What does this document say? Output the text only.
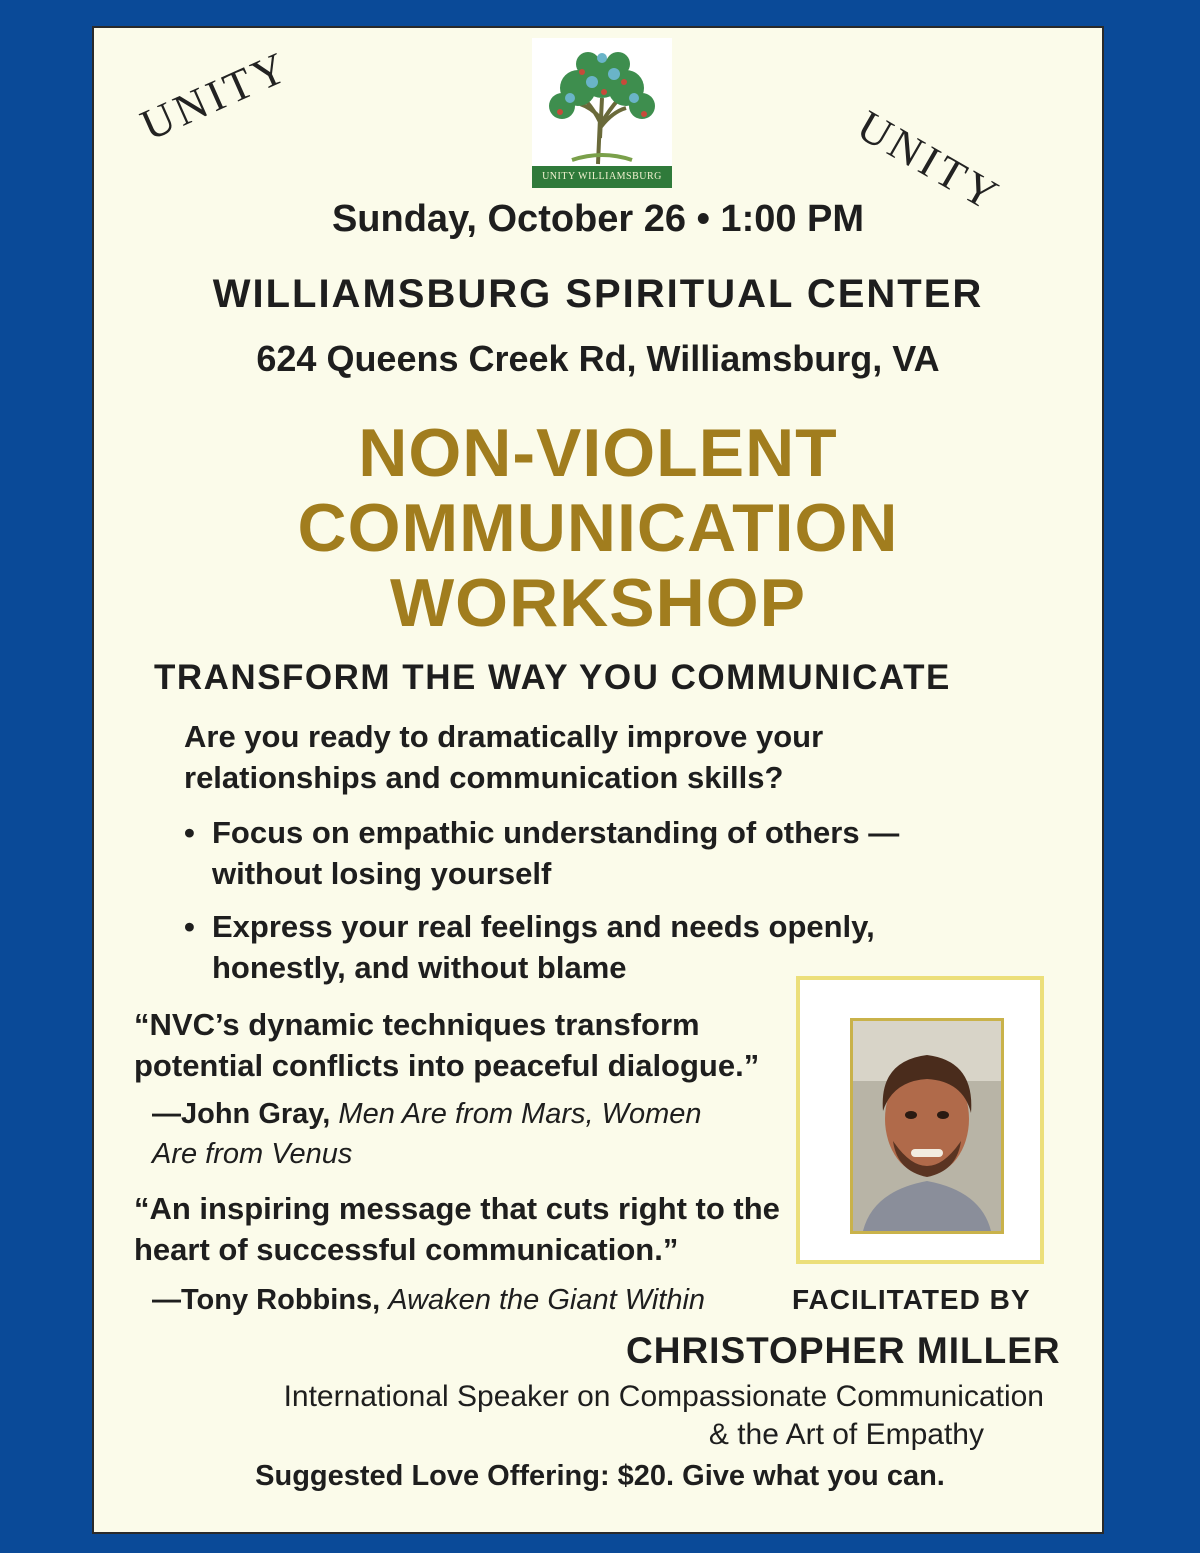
UNITY
UNITY
UNITY WILLIAMSBURG
Sunday, October 26 • 1:00 PM
WILLIAMSBURG SPIRITUAL CENTER
624 Queens Creek Rd, Williamsburg, VA
NON-VIOLENT
COMMUNICATION
WORKSHOP
TRANSFORM THE WAY YOU COMMUNICATE
Are you ready to dramatically improve your relationships and communication skills?
• Focus on empathic understanding of others — without losing yourself
• Express your real feelings and needs openly, honestly, and without blame
“NVC’s dynamic techniques transform potential conflicts into peaceful dialogue.”
—John Gray, Men Are from Mars, Women Are from Venus
“An inspiring message that cuts right to the heart of successful communication.”
—Tony Robbins, Awaken the Giant Within	FACILITATED BY
CHRISTOPHER MILLER
International Speaker on Compassionate Communication
& the Art of Empathy
Suggested Love Offering: $20. Give what you can.
